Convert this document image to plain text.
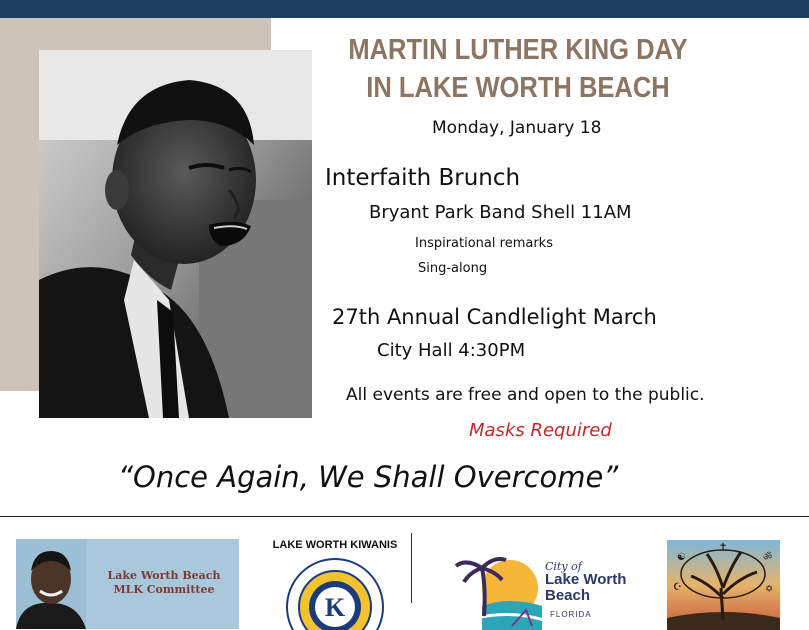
MARTIN LUTHER KING DAY
IN LAKE WORTH BEACH
Monday, January 18
Interfaith Brunch
Bryant Park Band Shell 11AM
Inspirational remarks
Sing-along
27th Annual Candlelight March
City Hall 4:30PM
All events are free and open to the public.
Masks Required
“Once Again, We Shall Overcome”
Lake Worth Beach MLK Committee
LAKE WORTH KIWANIS
K
City of
Lake Worth
Beach
FLORIDA
☯	ॐ
☪	✡
✝
